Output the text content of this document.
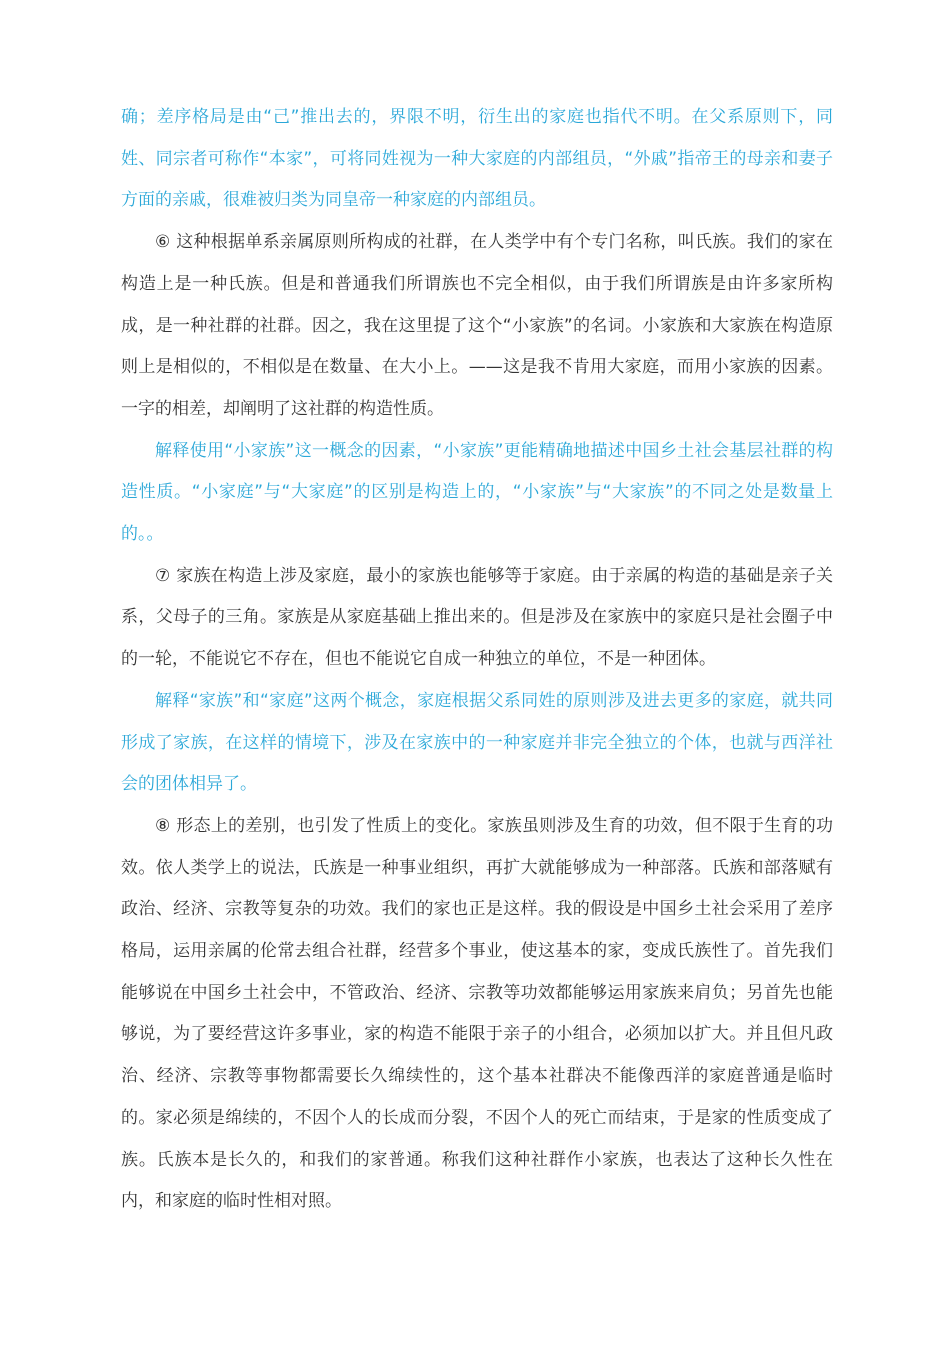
确；差序格局是由“己”推出去的，界限不明，衍生出的家庭也指代不明。在父系原则下，同姓、同宗者可称作“本家”，可将同姓视为一种大家庭的内部组员，“外戚”指帝王的母亲和妻子方面的亲戚，很难被归类为同皇帝一种家庭的内部组员。

⑥ 这种根据单系亲属原则所构成的社群，在人类学中有个专门名称，叫氏族。我们的家在构造上是一种氏族。但是和普通我们所谓族也不完全相似，由于我们所谓族是由许多家所构成，是一种社群的社群。因之，我在这里提了这个“小家族”的名词。小家族和大家族在构造原则上是相似的，不相似是在数量、在大小上。——这是我不肯用大家庭，而用小家族的因素。一字的相差，却阐明了这社群的构造性质。

解释使用“小家族”这一概念的因素，“小家族”更能精确地描述中国乡土社会基层社群的构造性质。“小家庭”与“大家庭”的区别是构造上的，“小家族”与“大家族”的不同之处是数量上的。。

⑦ 家族在构造上涉及家庭，最小的家族也能够等于家庭。由于亲属的构造的基础是亲子关系，父母子的三角。家族是从家庭基础上推出来的。但是涉及在家族中的家庭只是社会圈子中的一轮，不能说它不存在，但也不能说它自成一种独立的单位，不是一种团体。

解释“家族”和“家庭”这两个概念，家庭根据父系同姓的原则涉及进去更多的家庭，就共同形成了家族，在这样的情境下，涉及在家族中的一种家庭并非完全独立的个体，也就与西洋社会的团体相异了。

⑧ 形态上的差别，也引发了性质上的变化。家族虽则涉及生育的功效，但不限于生育的功效。依人类学上的说法，氏族是一种事业组织，再扩大就能够成为一种部落。氏族和部落赋有政治、经济、宗教等复杂的功效。我们的家也正是这样。我的假设是中国乡土社会采用了差序格局，运用亲属的伦常去组合社群，经营多个事业，使这基本的家，变成氏族性了。首先我们能够说在中国乡土社会中，不管政治、经济、宗教等功效都能够运用家族来肩负；另首先也能够说，为了要经营这许多事业，家的构造不能限于亲子的小组合，必须加以扩大。并且但凡政治、经济、宗教等事物都需要长久绵续性的，这个基本社群决不能像西洋的家庭普通是临时的。家必须是绵续的，不因个人的长成而分裂，不因个人的死亡而结束，于是家的性质变成了族。氏族本是长久的，和我们的家普通。称我们这种社群作小家族，也表达了这种长久性在内，和家庭的临时性相对照。
